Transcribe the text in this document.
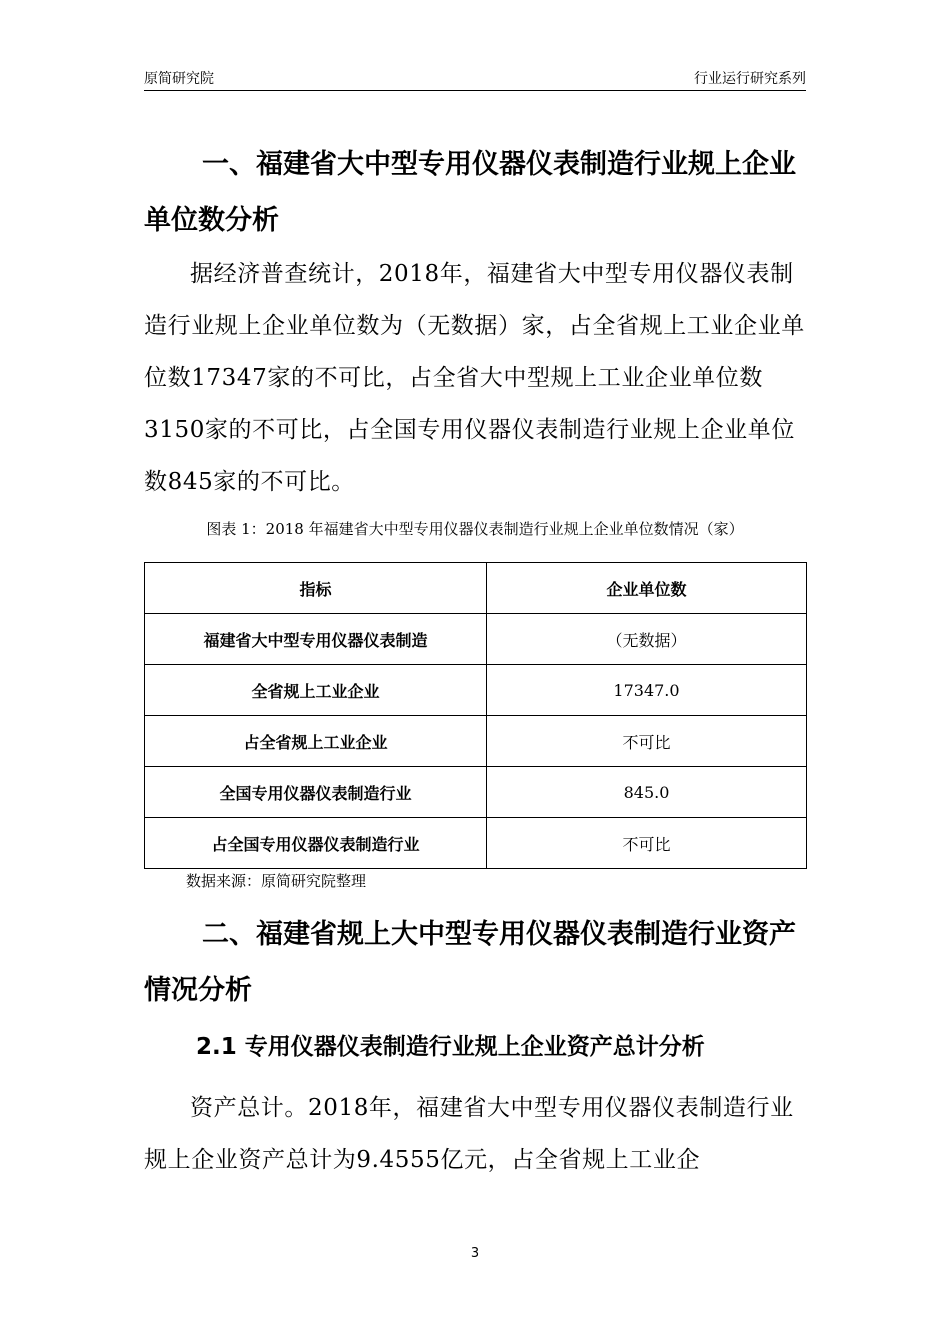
原简研究院	行业运行研究系列

一、福建省大中型专用仪器仪表制造行业规上企业单位数分析

据经济普查统计，2018年，福建省大中型专用仪器仪表制造行业规上企业单位数为（无数据）家，占全省规上工业企业单位数17347家的不可比，占全省大中型规上工业企业单位数3150家的不可比，占全国专用仪器仪表制造行业规上企业单位数845家的不可比。

图表 1：2018 年福建省大中型专用仪器仪表制造行业规上企业单位数情况（家）

指标	企业单位数
福建省大中型专用仪器仪表制造	（无数据）
全省规上工业企业	17347.0
占全省规上工业企业	不可比
全国专用仪器仪表制造行业	845.0
占全国专用仪器仪表制造行业	不可比

数据来源：原简研究院整理

二、福建省规上大中型专用仪器仪表制造行业资产情况分析

2.1 专用仪器仪表制造行业规上企业资产总计分析

资产总计。2018年，福建省大中型专用仪器仪表制造行业规上企业资产总计为9.4555亿元，占全省规上工业企

3
